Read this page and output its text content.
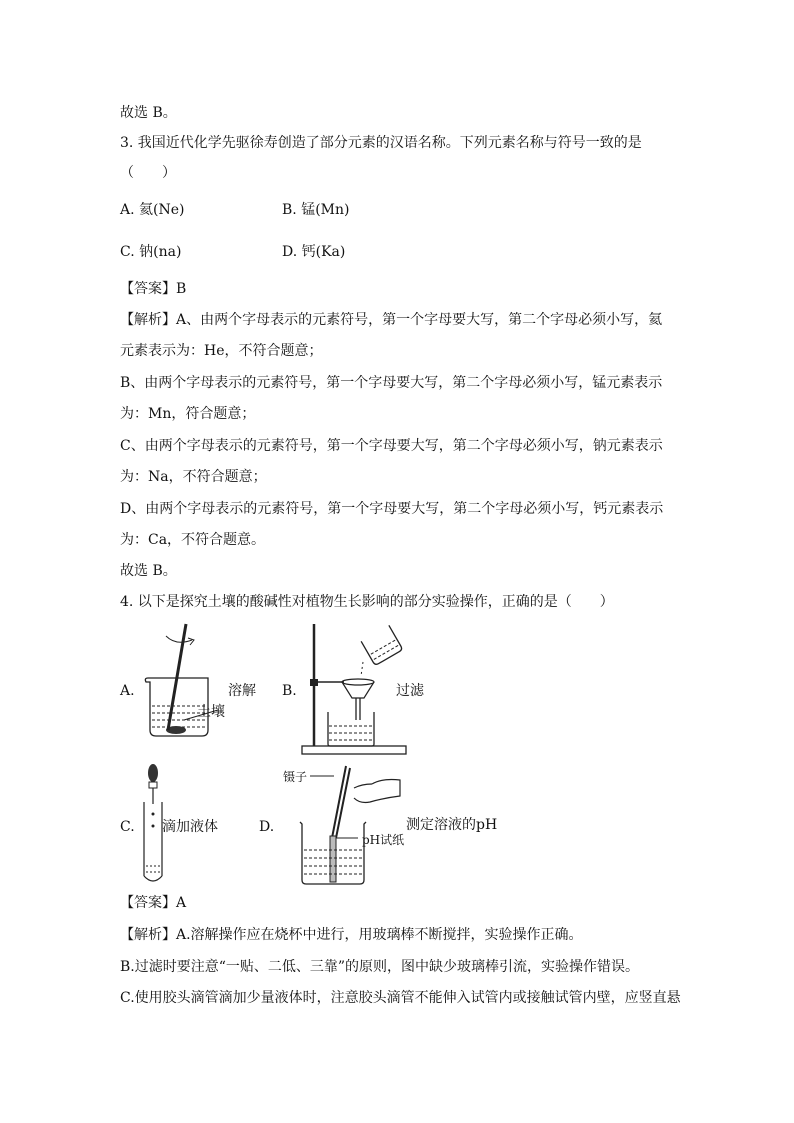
故选 B。
3. 我国近代化学先驱徐寿创造了部分元素的汉语名称。下列元素名称与符号一致的是
（　　）
A. 氦(Ne)	B. 锰(Mn)
C. 钠(na)	D. 钙(Ka)
【答案】B
【解析】A、由两个字母表示的元素符号，第一个字母要大写，第二个字母必须小写，氦
元素表示为：He，不符合题意；
B、由两个字母表示的元素符号，第一个字母要大写，第二个字母必须小写，锰元素表示
为：Mn，符合题意；
C、由两个字母表示的元素符号，第一个字母要大写，第二个字母必须小写，钠元素表示
为：Na，不符合题意；
D、由两个字母表示的元素符号，第一个字母要大写，第二个字母必须小写，钙元素表示
为：Ca，不符合题意。
故选 B。
4. 以下是探究土壤的酸碱性对植物生长影响的部分实验操作，正确的是（　　）
A.	溶解
土壤
B.	过滤
C. 滴加液体	D.
镊子
pH试纸
测定溶液的pH
【答案】A
【解析】A.溶解操作应在烧杯中进行，用玻璃棒不断搅拌，实验操作正确。
B.过滤时要注意“一贴、二低、三靠”的原则，图中缺少玻璃棒引流，实验操作错误。
C.使用胶头滴管滴加少量液体时，注意胶头滴管不能伸入试管内或接触试管内壁，应竖直悬
